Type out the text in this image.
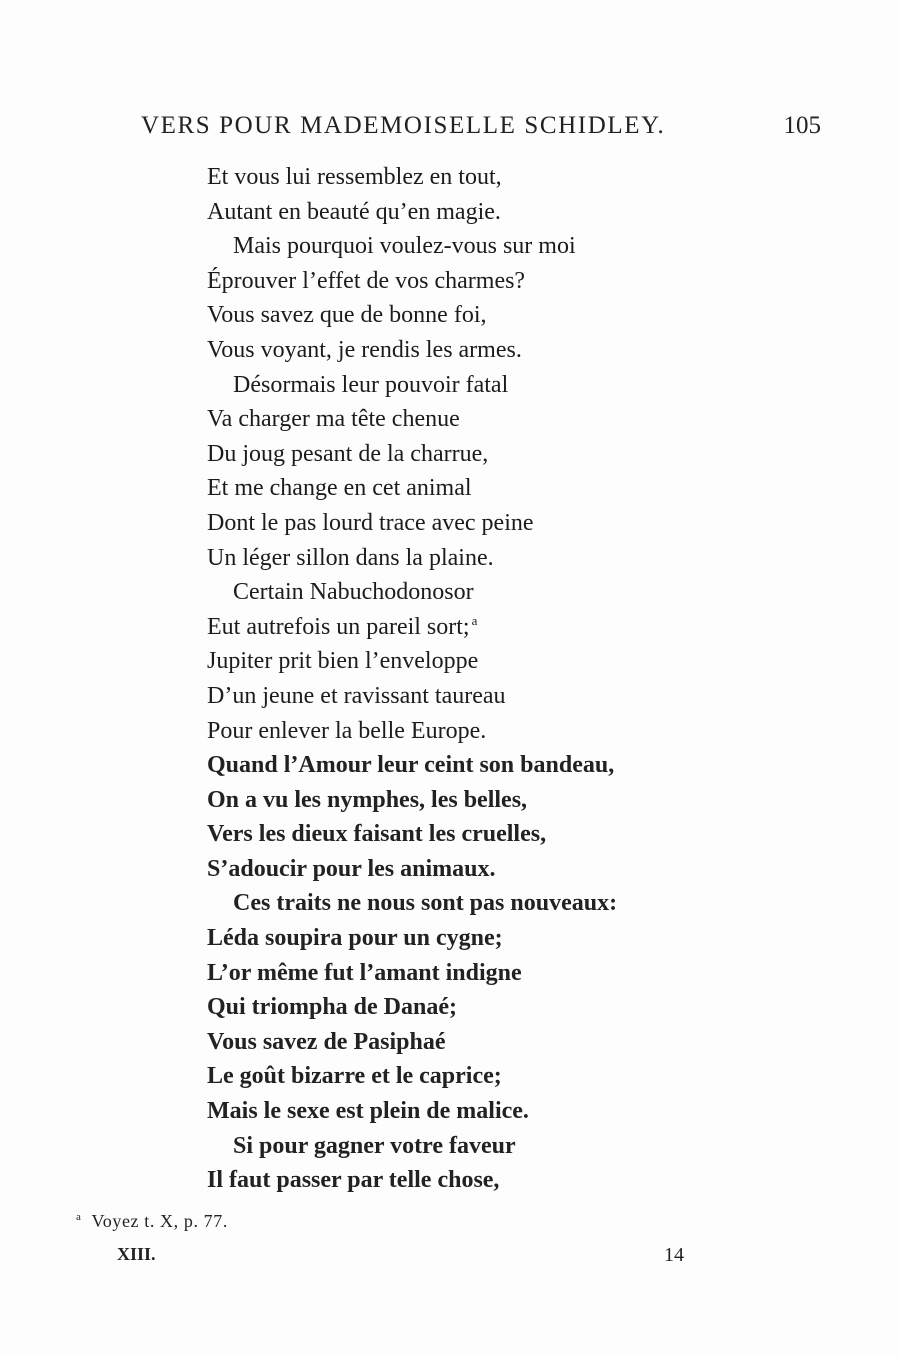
VERS POUR MADEMOISELLE SCHIDLEY.	105
Et vous lui ressemblez en tout,
Autant en beauté qu’en magie.
Mais pourquoi voulez-vous sur moi
Éprouver l’effet de vos charmes?
Vous savez que de bonne foi,
Vous voyant, je rendis les armes.
Désormais leur pouvoir fatal
Va charger ma tête chenue
Du joug pesant de la charrue,
Et me change en cet animal
Dont le pas lourd trace avec peine
Un léger sillon dans la plaine.
Certain Nabuchodonosor
Eut autrefois un pareil sort; $^a$
Jupiter prit bien l’enveloppe
D’un jeune et ravissant taureau
Pour enlever la belle Europe.
Quand l’Amour leur ceint son bandeau,
On a vu les nymphes, les belles,
Vers les dieux faisant les cruelles,
S’adoucir pour les animaux.
Ces traits ne nous sont pas nouveaux:
Léda soupira pour un cygne;
L’or même fut l’amant indigne
Qui triompha de Danaé;
Vous savez de Pasiphaé
Le goût bizarre et le caprice;
Mais le sexe est plein de malice.
Si pour gagner votre faveur
Il faut passer par telle chose,
$^a$ Voyez t. X, p. 77.
XIII.	14
